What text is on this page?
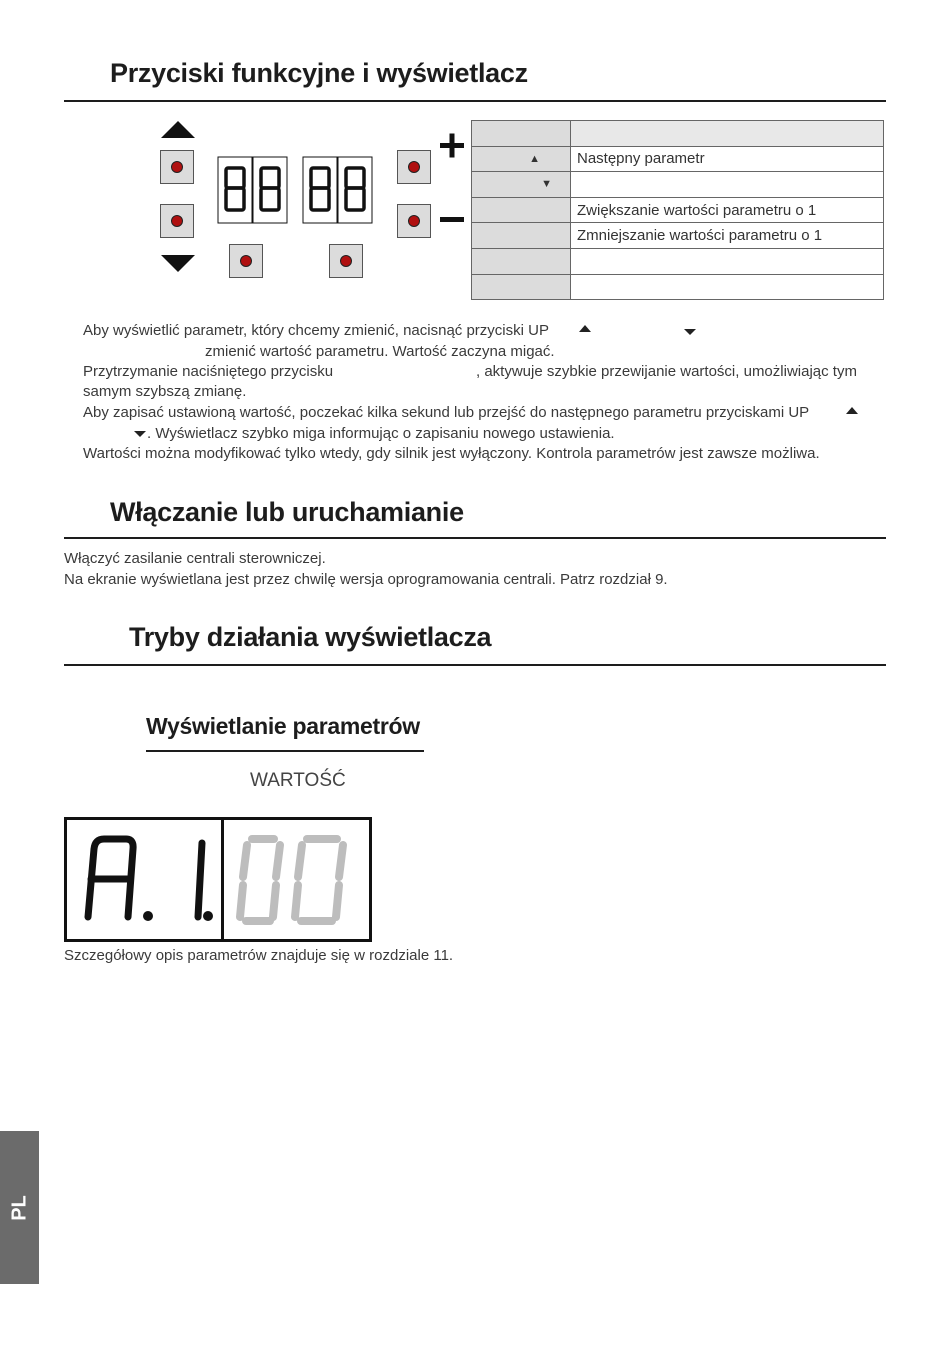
Przyciski funkcyjne i wyświetlacz

▲	Następny parametr
▼	
	Zwiększanie wartości parametru o 1
	Zmniejszanie wartości parametru o 1

Aby wyświetlić parametr, który chcemy zmienić, nacisnąć przyciski UP
zmienić wartość parametru. Wartość zaczyna migać.
Przytrzymanie naciśniętego przycisku	, aktywuje szybkie przewijanie wartości, umożliwiając tym
samym szybszą zmianę.
Aby zapisać ustawioną wartość, poczekać kilka sekund lub przejść do następnego parametru przyciskami UP
. Wyświetlacz szybko miga informując o zapisaniu nowego ustawienia.
Wartości można modyfikować tylko wtedy, gdy silnik jest wyłączony. Kontrola parametrów jest zawsze możliwa.
Włączanie lub uruchamianie
Włączyć zasilanie centrali sterowniczej.
Na ekranie wyświetlana jest przez chwilę wersja oprogramowania centrali. Patrz rozdział 9.
Tryby działania wyświetlacza
Wyświetlanie parametrów
WARTOŚĆ
Szczegółowy opis parametrów znajduje się w rozdziale 11.
PL
